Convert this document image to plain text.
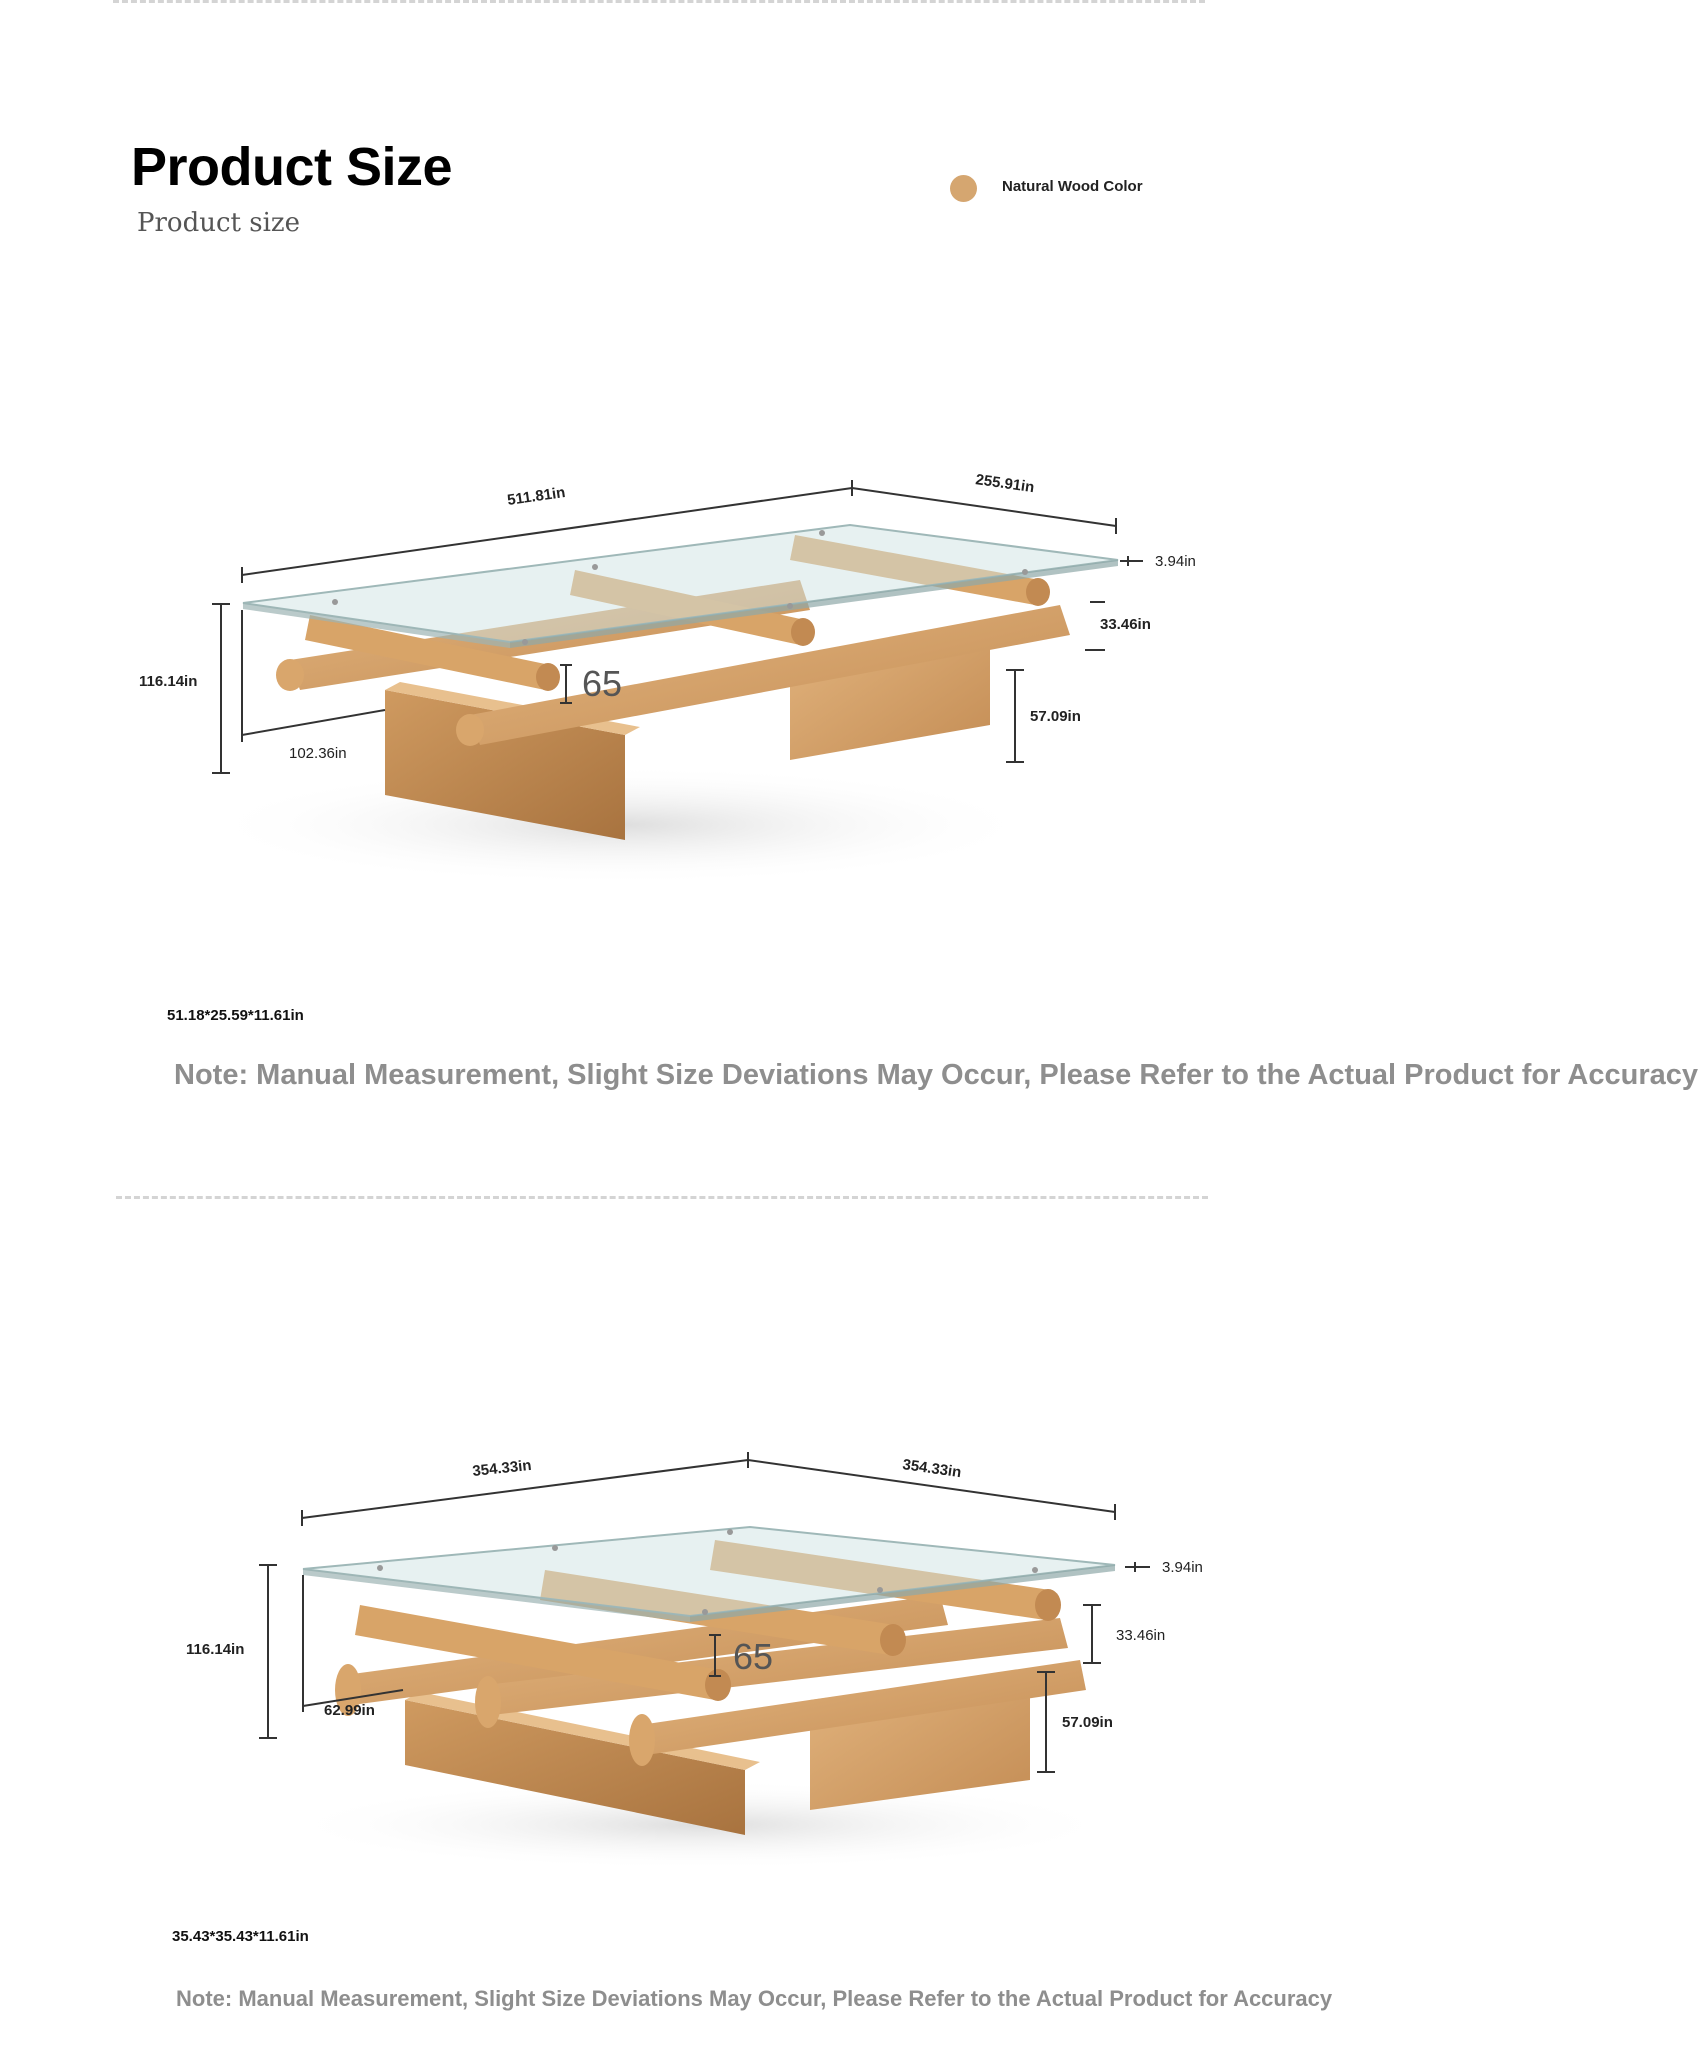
Product Size
Product size
Natural Wood Color
511.81in
255.91in
3.94in
33.46in
116.14in
57.09in
102.36in
65
51.18*25.59*11.61in
Note: Manual Measurement, Slight Size Deviations May Occur, Please Refer to the Actual Product for Accuracy
354.33in	354.33in
3.94in
33.46in
116.14in
57.09in
62.99in
65
35.43*35.43*11.61in
Note: Manual Measurement, Slight Size Deviations May Occur, Please Refer to the Actual Product for Accuracy
